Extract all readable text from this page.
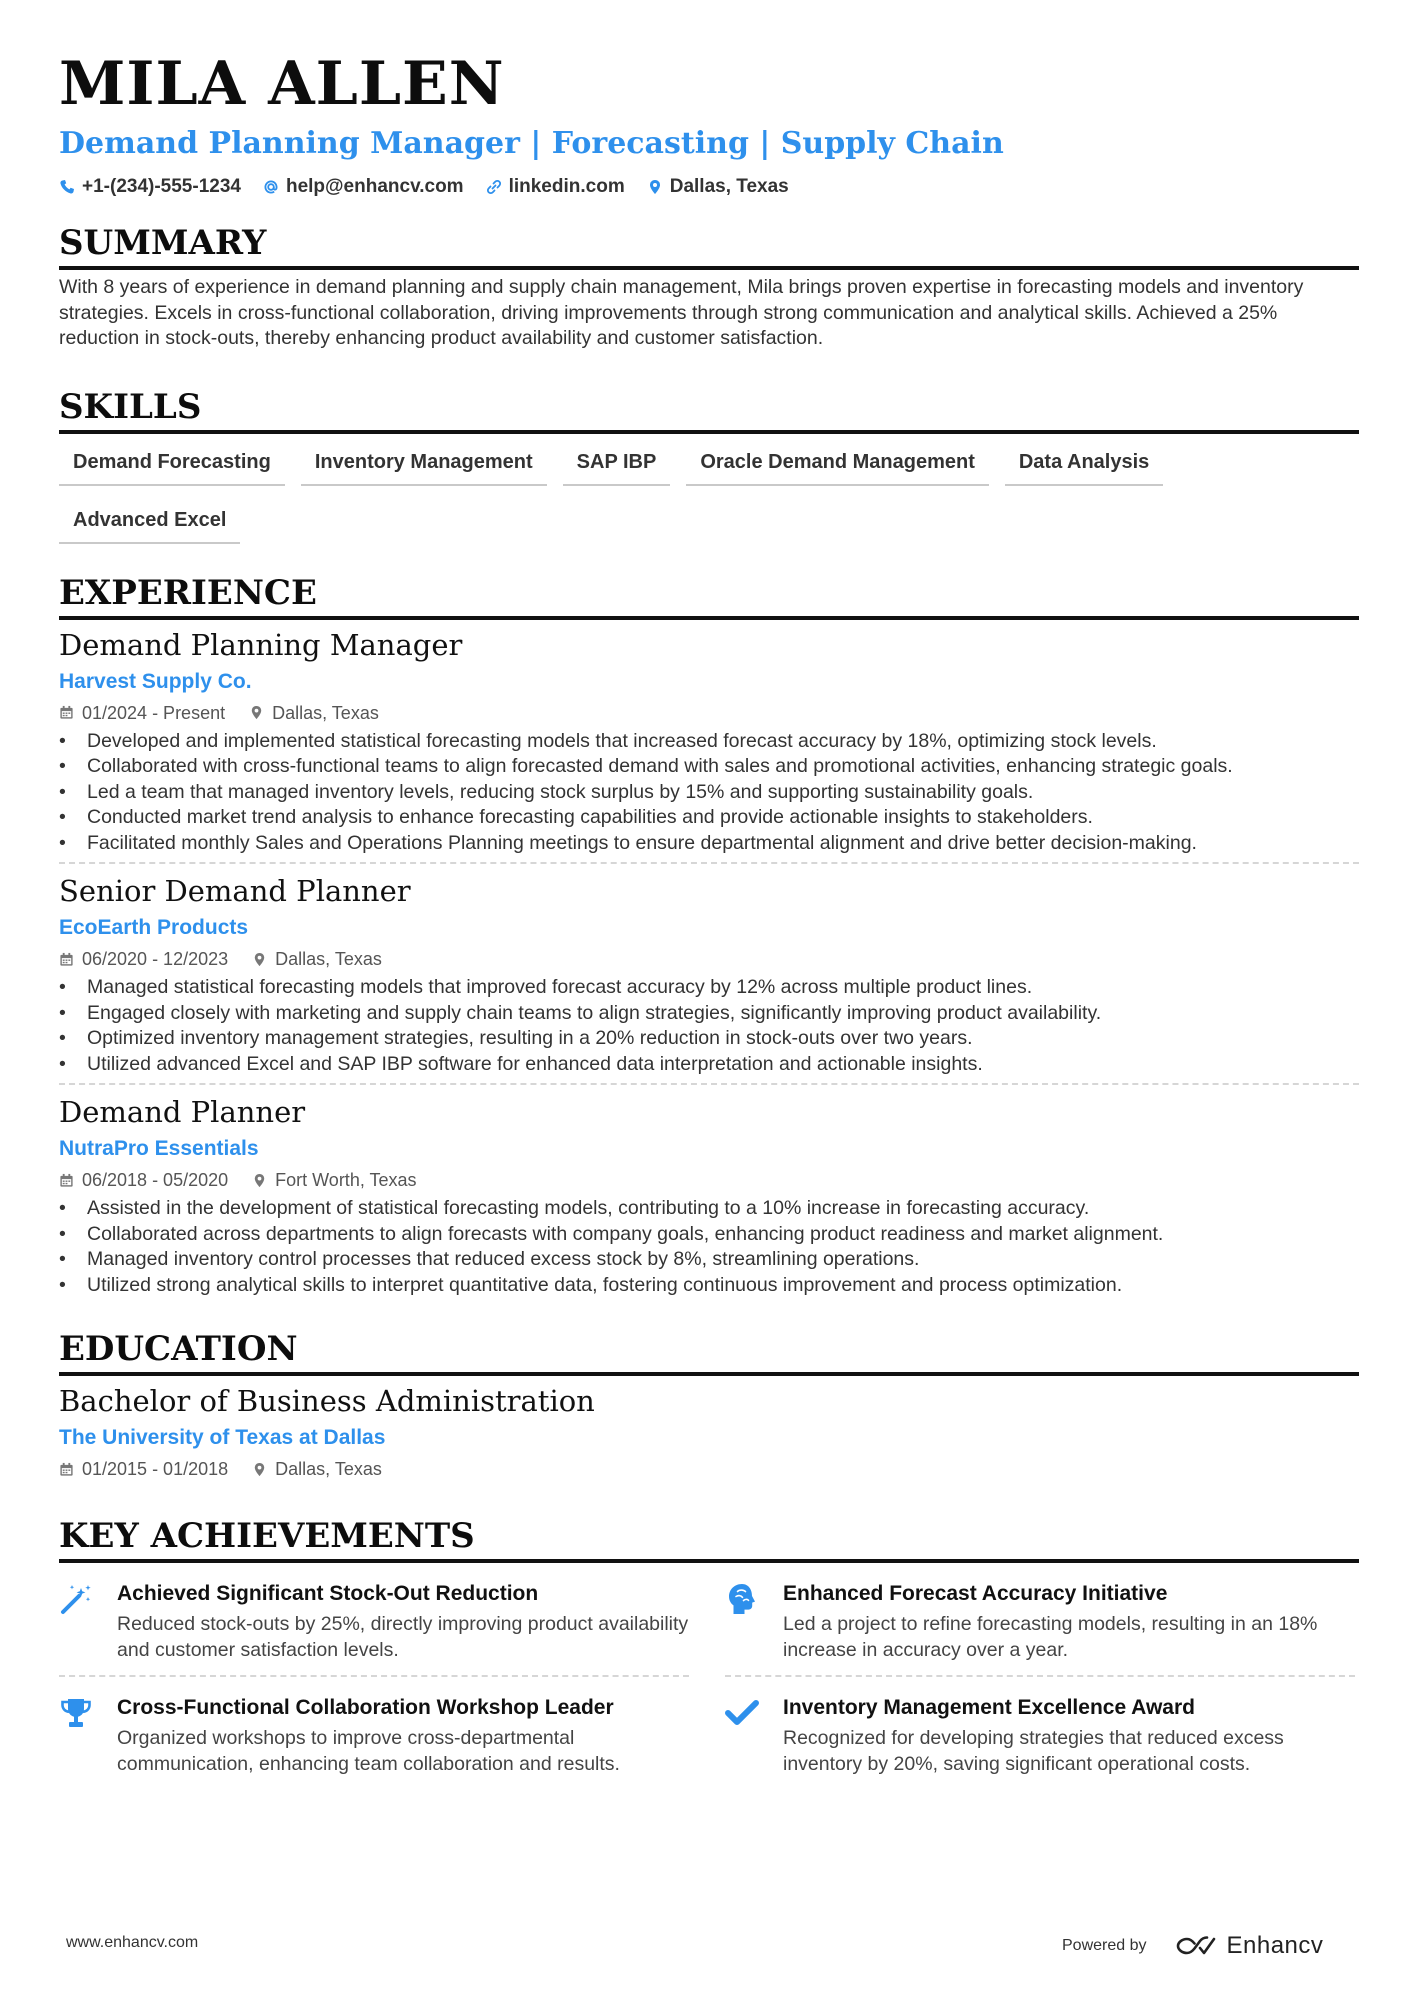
MILA ALLEN
Demand Planning Manager | Forecasting | Supply Chain
+1-(234)-555-1234 help@enhancv.com linkedin.com Dallas, Texas
SUMMARY
With 8 years of experience in demand planning and supply chain management, Mila brings proven expertise in forecasting models and inventory strategies. Excels in cross-functional collaboration, driving improvements through strong communication and analytical skills. Achieved a 25% reduction in stock-outs, thereby enhancing product availability and customer satisfaction.
SKILLS
Demand Forecasting	Inventory Management	SAP IBP	Oracle Demand Management	Data Analysis
Advanced Excel
EXPERIENCE
Demand Planning Manager
Harvest Supply Co.
01/2024 - Present	Dallas, Texas
• Developed and implemented statistical forecasting models that increased forecast accuracy by 18%, optimizing stock levels.
• Collaborated with cross-functional teams to align forecasted demand with sales and promotional activities, enhancing strategic goals.
• Led a team that managed inventory levels, reducing stock surplus by 15% and supporting sustainability goals.
• Conducted market trend analysis to enhance forecasting capabilities and provide actionable insights to stakeholders.
• Facilitated monthly Sales and Operations Planning meetings to ensure departmental alignment and drive better decision-making.
Senior Demand Planner
EcoEarth Products
06/2020 - 12/2023	Dallas, Texas
• Managed statistical forecasting models that improved forecast accuracy by 12% across multiple product lines.
• Engaged closely with marketing and supply chain teams to align strategies, significantly improving product availability.
• Optimized inventory management strategies, resulting in a 20% reduction in stock-outs over two years.
• Utilized advanced Excel and SAP IBP software for enhanced data interpretation and actionable insights.
Demand Planner
NutraPro Essentials
06/2018 - 05/2020	Fort Worth, Texas
• Assisted in the development of statistical forecasting models, contributing to a 10% increase in forecasting accuracy.
• Collaborated across departments to align forecasts with company goals, enhancing product readiness and market alignment.
• Managed inventory control processes that reduced excess stock by 8%, streamlining operations.
• Utilized strong analytical skills to interpret quantitative data, fostering continuous improvement and process optimization.
EDUCATION
Bachelor of Business Administration
The University of Texas at Dallas
01/2015 - 01/2018	Dallas, Texas
KEY ACHIEVEMENTS
Achieved Significant Stock-Out Reduction
Reduced stock-outs by 25%, directly improving product availability and customer satisfaction levels.
Enhanced Forecast Accuracy Initiative
Led a project to refine forecasting models, resulting in an 18% increase in accuracy over a year.
Cross-Functional Collaboration Workshop Leader
Organized workshops to improve cross-departmental communication, enhancing team collaboration and results.
Inventory Management Excellence Award
Recognized for developing strategies that reduced excess inventory by 20%, saving significant operational costs.
www.enhancv.com	Powered by	Enhancv
